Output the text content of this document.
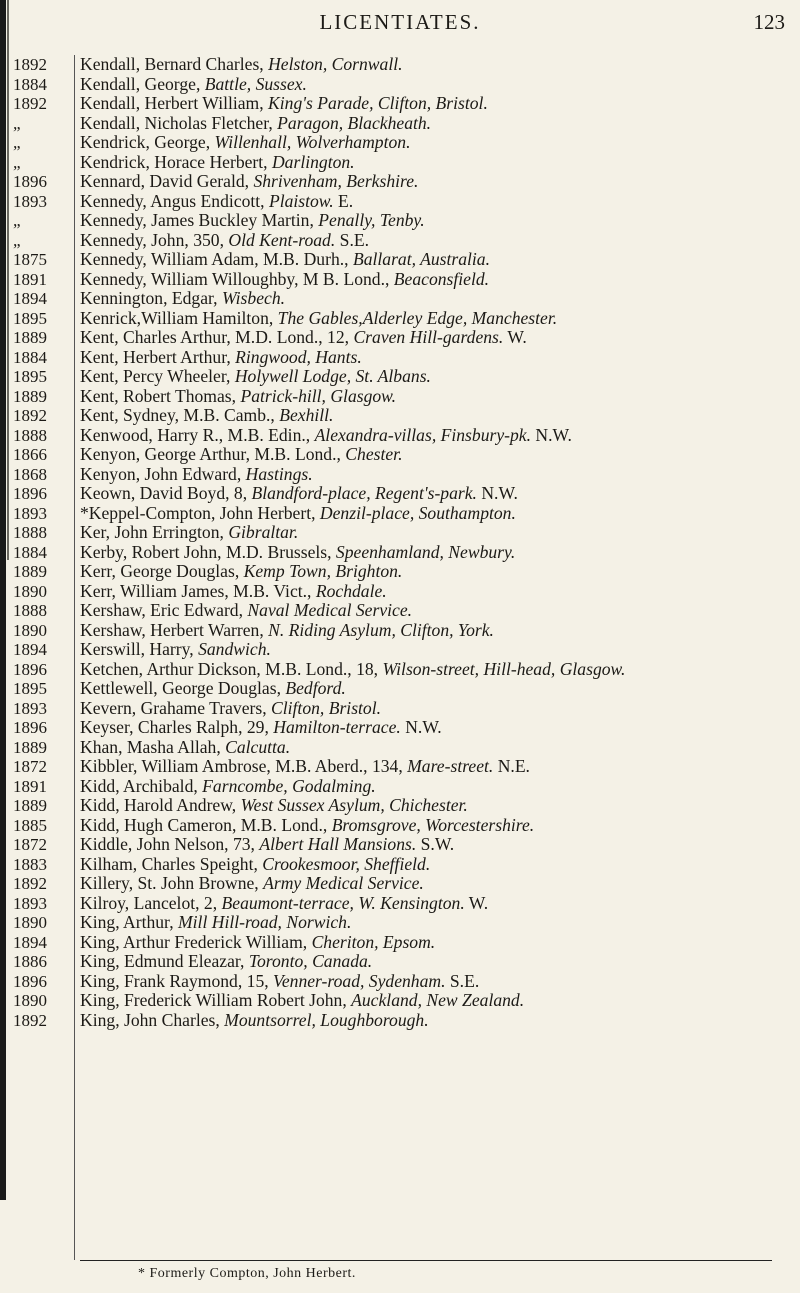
LICENTIATES.	123
1892	Kendall, Bernard Charles, Helston, Cornwall.
1884	Kendall, George, Battle, Sussex.
1892	Kendall, Herbert William, King's Parade, Clifton, Bristol.
„	Kendall, Nicholas Fletcher, Paragon, Blackheath.
„	Kendrick, George, Willenhall, Wolverhampton.
„	Kendrick, Horace Herbert, Darlington.
1896	Kennard, David Gerald, Shrivenham, Berkshire.
1893	Kennedy, Angus Endicott, Plaistow. E.
„	Kennedy, James Buckley Martin, Penally, Tenby.
„	Kennedy, John, 350, Old Kent-road. S.E.
1875	Kennedy, William Adam, M.B. Durh., Ballarat, Australia.
1891	Kennedy, William Willoughby, M B. Lond., Beaconsfield.
1894	Kennington, Edgar, Wisbech.
1895	Kenrick,William Hamilton, The Gables,Alderley Edge, Manchester.
1889	Kent, Charles Arthur, M.D. Lond., 12, Craven Hill-gardens. W.
1884	Kent, Herbert Arthur, Ringwood, Hants.
1895	Kent, Percy Wheeler, Holywell Lodge, St. Albans.
1889	Kent, Robert Thomas, Patrick-hill, Glasgow.
1892	Kent, Sydney, M.B. Camb., Bexhill.
1888	Kenwood, Harry R., M.B. Edin., Alexandra-villas, Finsbury-pk. N.W.
1866	Kenyon, George Arthur, M.B. Lond., Chester.
1868	Kenyon, John Edward, Hastings.
1896	Keown, David Boyd, 8, Blandford-place, Regent's-park. N.W.
1893	*Keppel-Compton, John Herbert, Denzil-place, Southampton.
1888	Ker, John Errington, Gibraltar.
1884	Kerby, Robert John, M.D. Brussels, Speenhamland, Newbury.
1889	Kerr, George Douglas, Kemp Town, Brighton.
1890	Kerr, William James, M.B. Vict., Rochdale.
1888	Kershaw, Eric Edward, Naval Medical Service.
1890	Kershaw, Herbert Warren, N. Riding Asylum, Clifton, York.
1894	Kerswill, Harry, Sandwich.
1896	Ketchen, Arthur Dickson, M.B. Lond., 18, Wilson-street, Hill-head, Glasgow.
1895	Kettlewell, George Douglas, Bedford.
1893	Kevern, Grahame Travers, Clifton, Bristol.
1896	Keyser, Charles Ralph, 29, Hamilton-terrace. N.W.
1889	Khan, Masha Allah, Calcutta.
1872	Kibbler, William Ambrose, M.B. Aberd., 134, Mare-street. N.E.
1891	Kidd, Archibald, Farncombe, Godalming.
1889	Kidd, Harold Andrew, West Sussex Asylum, Chichester.
1885	Kidd, Hugh Cameron, M.B. Lond., Bromsgrove, Worcestershire.
1872	Kiddle, John Nelson, 73, Albert Hall Mansions. S.W.
1883	Kilham, Charles Speight, Crookesmoor, Sheffield.
1892	Killery, St. John Browne, Army Medical Service.
1893	Kilroy, Lancelot, 2, Beaumont-terrace, W. Kensington. W.
1890	King, Arthur, Mill Hill-road, Norwich.
1894	King, Arthur Frederick William, Cheriton, Epsom.
1886	King, Edmund Eleazar, Toronto, Canada.
1896	King, Frank Raymond, 15, Venner-road, Sydenham. S.E.
1890	King, Frederick William Robert John, Auckland, New Zealand.
1892	King, John Charles, Mountsorrel, Loughborough.
* Formerly Compton, John Herbert.
